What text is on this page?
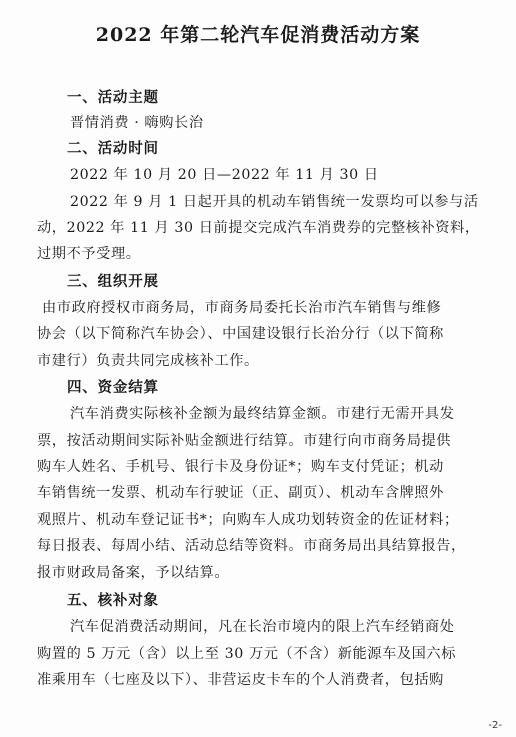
2022 年第二轮汽车促消费活动方案
一、活动主题
晋情消费 · 嗨购长治
二、活动时间
2022 年 10 月 20 日—2022 年 11 月 30 日
2022 年 9 月 1 日起开具的机动车销售统一发票均可以参与活
动，2022 年 11 月 30 日前提交完成汽车消费券的完整核补资料，
过期不予受理。
三、组织开展
由市政府授权市商务局，市商务局委托长治市汽车销售与维修
协会（以下简称汽车协会）、中国建设银行长治分行（以下简称
市建行）负责共同完成核补工作。
四、资金结算
汽车消费实际核补金额为最终结算金额。市建行无需开具发
票，按活动期间实际补贴金额进行结算。市建行向市商务局提供
购车人姓名、手机号、银行卡及身份证*；购车支付凭证；机动
车销售统一发票、机动车行驶证（正、副页）、机动车含牌照外
观照片、机动车登记证书*；向购车人成功划转资金的佐证材料；
每日报表、每周小结、活动总结等资料。市商务局出具结算报告，
报市财政局备案，予以结算。
五、核补对象
汽车促消费活动期间，凡在长治市境内的限上汽车经销商处
购置的 5 万元（含）以上至 30 万元（不含）新能源车及国六标
准乘用车（七座及以下）、非营运皮卡车的个人消费者，包括购
-2-
